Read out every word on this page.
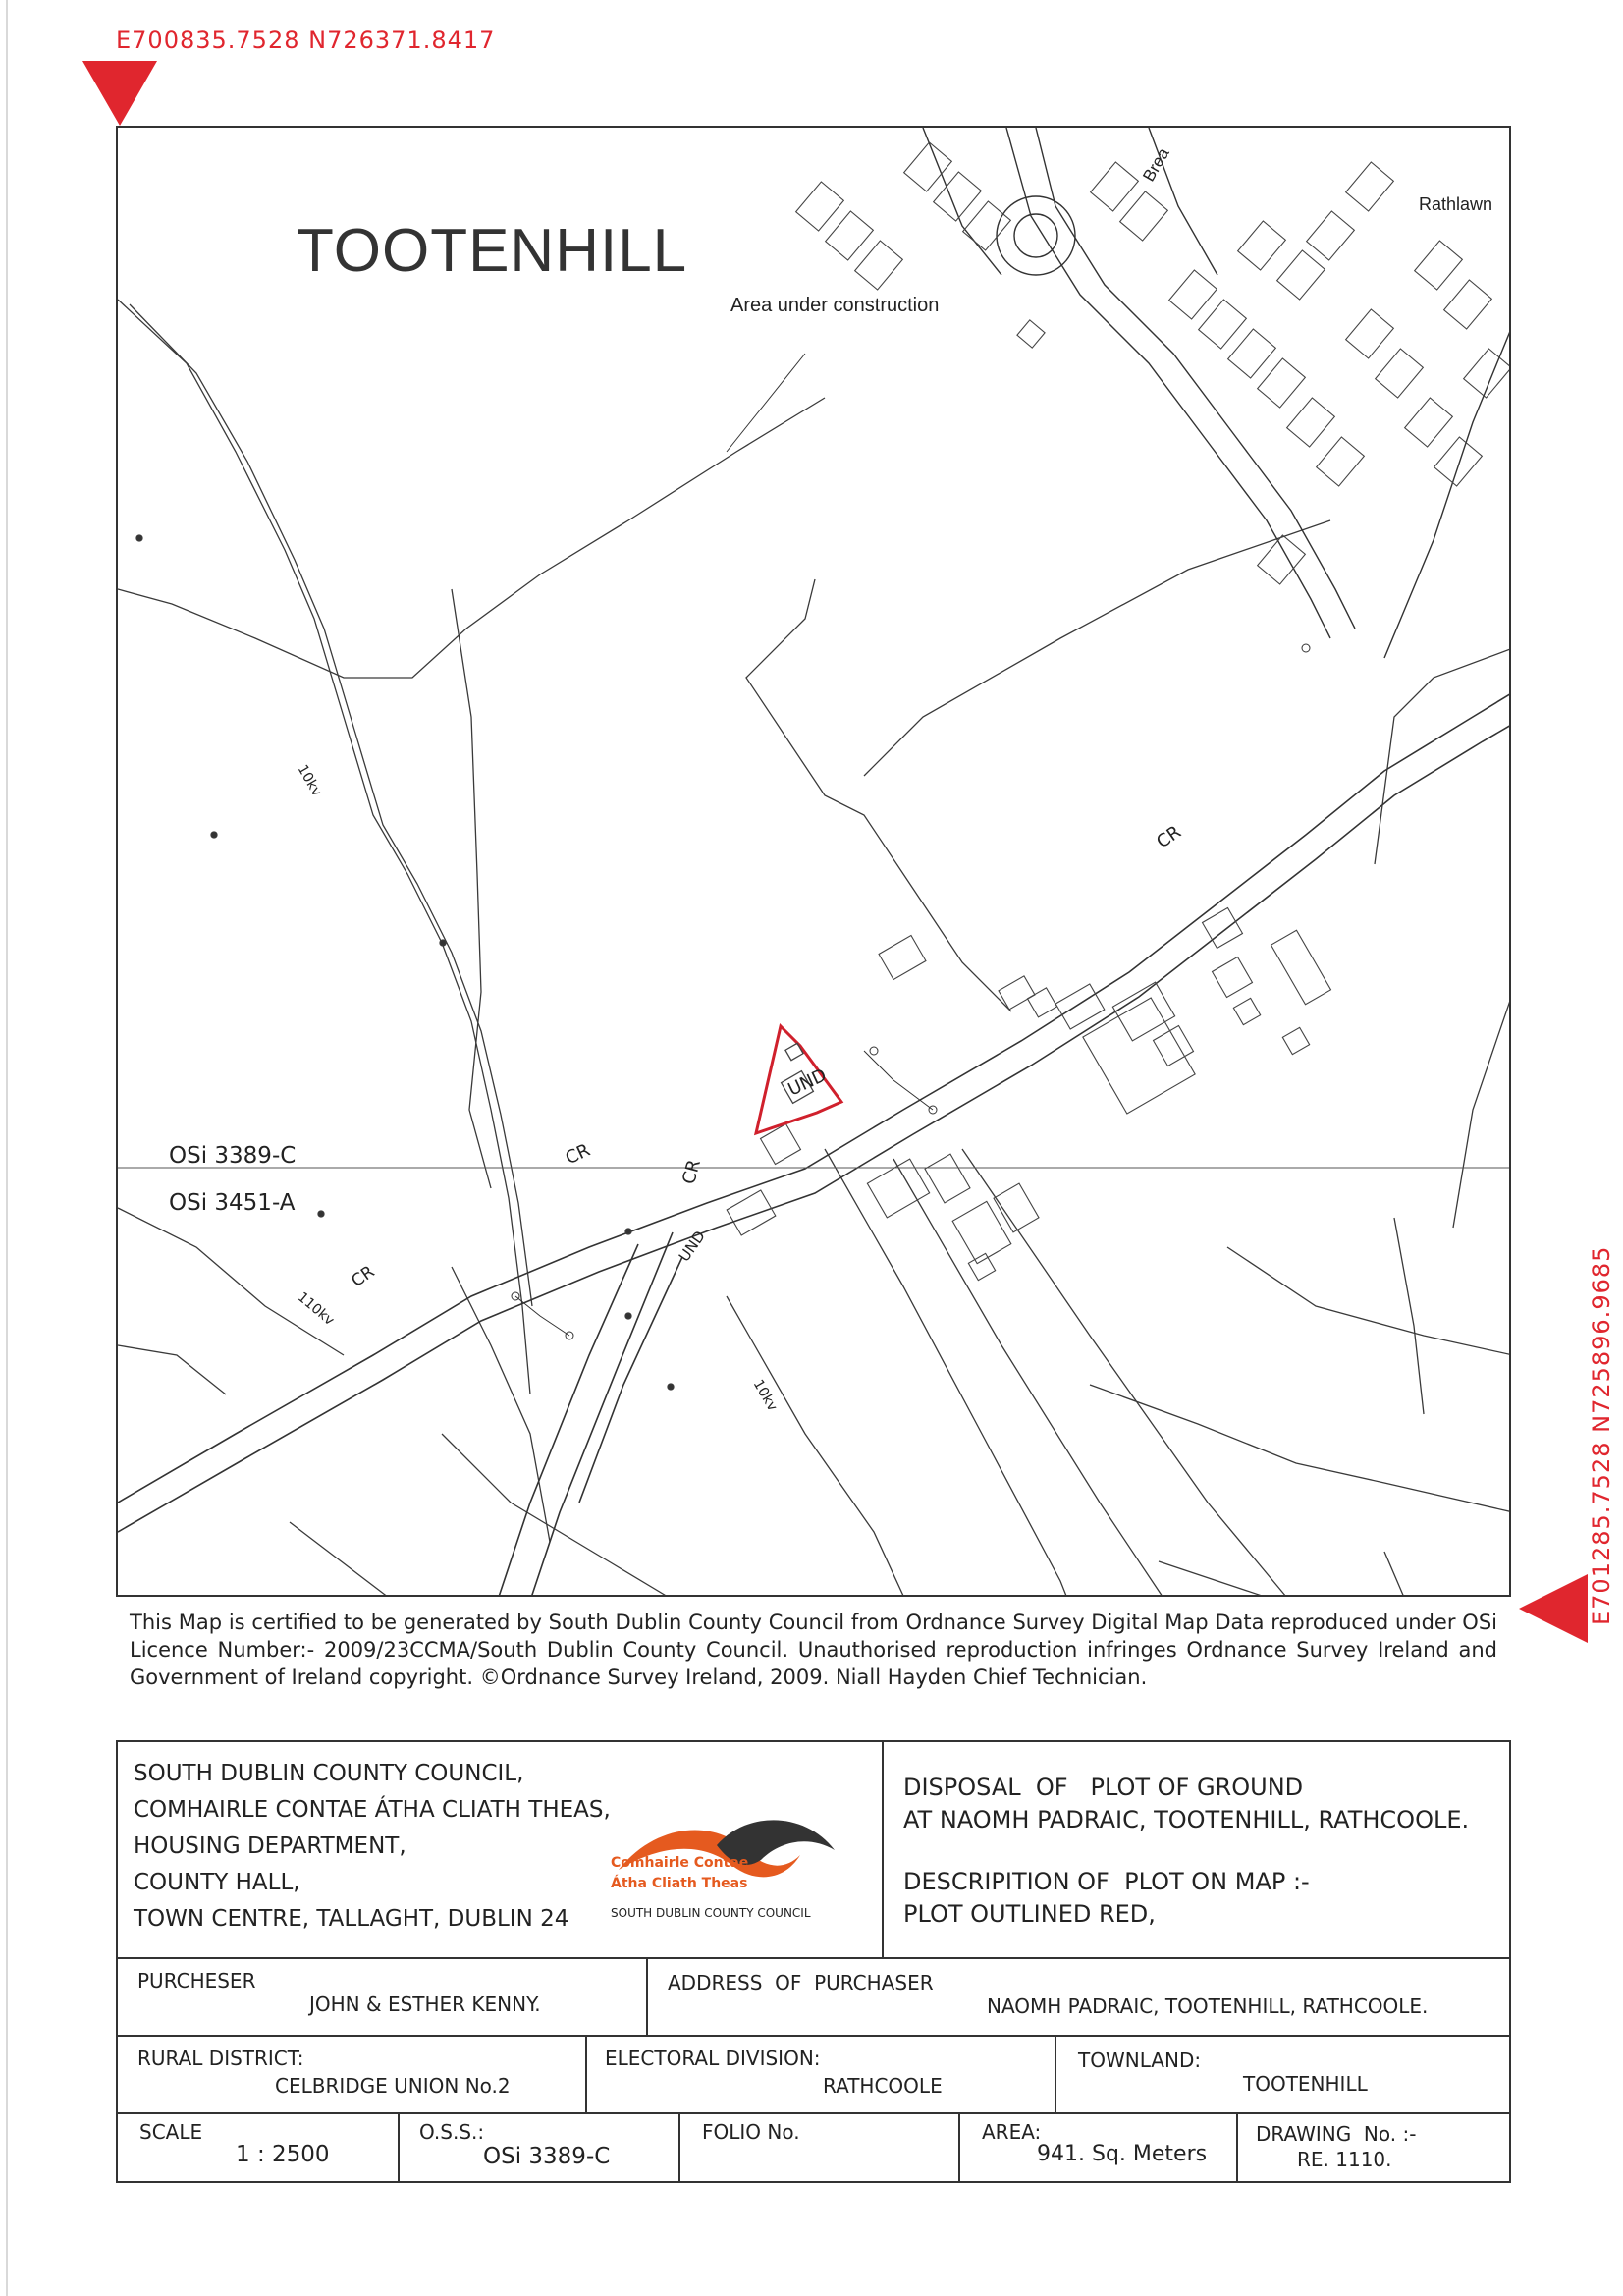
E700835.7528 N726371.8417
E701285.7528 N725896.9685
TOOTENHILL
Area under construction
Brea
Rathlawn
OSi 3389-C
OSi 3451-A
CR
CR
CR
CR
UND
UND
10kv
10kv
110kv
This Map is certified to be generated by South Dublin County Council from Ordnance Survey Digital Map Data reproduced under OSi Licence Number:- 2009/23CCMA/South Dublin County Council. Unauthorised reproduction infringes Ordnance Survey Ireland and Government of Ireland copyright. ©Ordnance Survey Ireland, 2009. Niall Hayden Chief Technician.
SOUTH DUBLIN COUNTY COUNCIL,
COMHAIRLE CONTAE ÁTHA CLIATH THEAS,
HOUSING DEPARTMENT,
COUNTY HALL,
TOWN CENTRE, TALLAGHT, DUBLIN 24
Comhairle Contae
Átha Cliath Theas
SOUTH DUBLIN COUNTY COUNCIL
DISPOSAL  OF   PLOT OF GROUND
AT NAOMH PADRAIC, TOOTENHILL, RATHCOOLE.
DESCRIPITION OF  PLOT ON MAP :-
PLOT OUTLINED RED,
PURCHESER
JOHN & ESTHER KENNY.
ADDRESS  OF  PURCHASER
NAOMH PADRAIC, TOOTENHILL, RATHCOOLE.
RURAL DISTRICT:
CELBRIDGE UNION No.2
ELECTORAL DIVISION:
RATHCOOLE
TOWNLAND:
TOOTENHILL
SCALE
1 : 2500
O.S.S.:
OSi 3389-C
FOLIO No.	AREA:
941. Sq. Meters
DRAWING  No. :-
RE. 1110.
